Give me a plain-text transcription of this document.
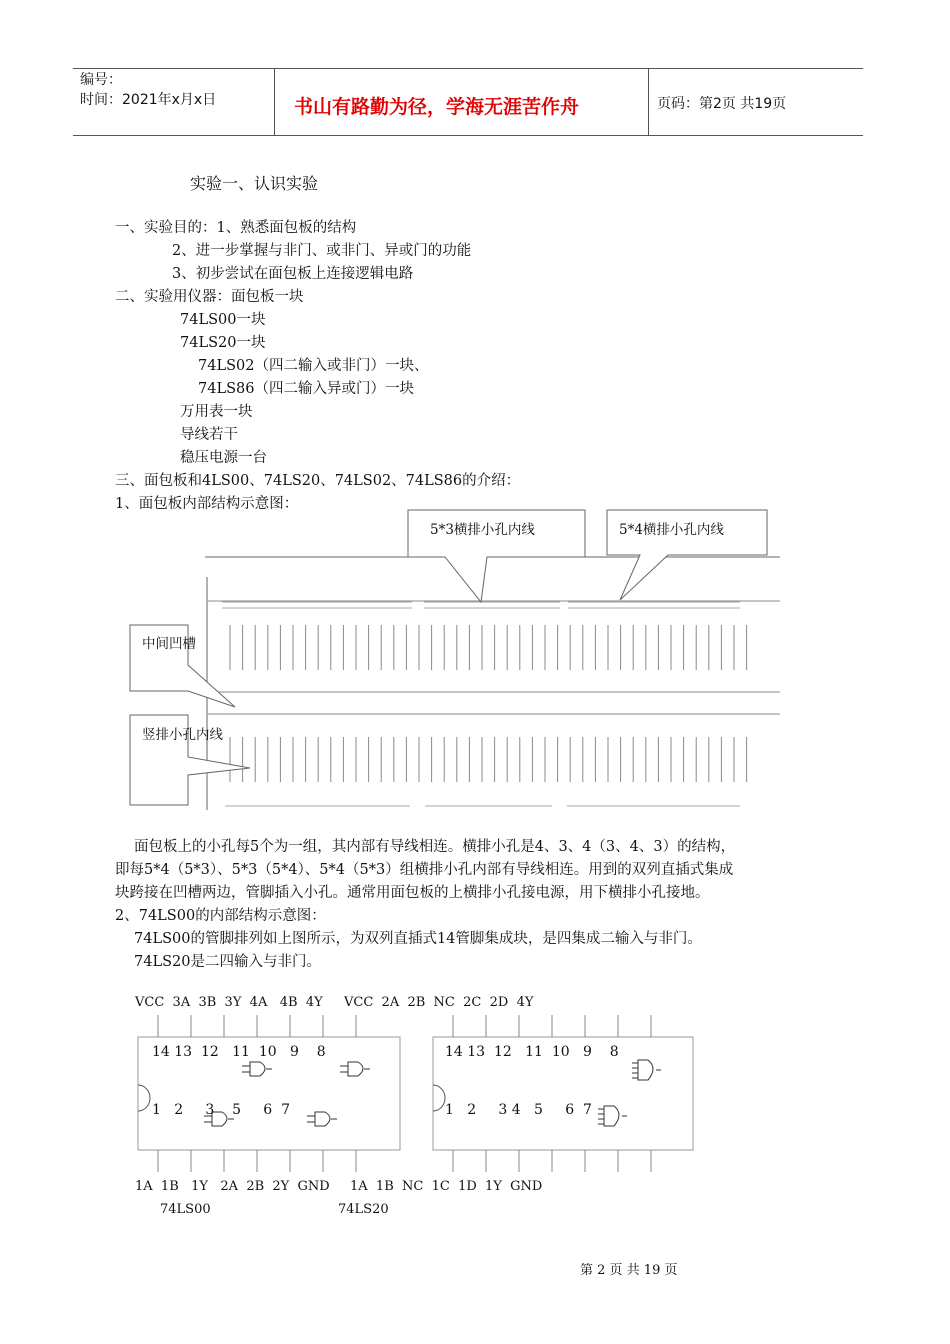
编号：
时间：2021年x月x日	书山有路勤为径，学海无涯苦作舟	页码：第2页 共19页
实验一、认识实验
一、实验目的：1、熟悉面包板的结构
2、进一步掌握与非门、或非门、异或门的功能
3、初步尝试在面包板上连接逻辑电路
二、实验用仪器：面包板一块
74LS00一块
74LS20一块
74LS02（四二输入或非门）一块、
74LS86（四二输入异或门）一块
万用表一块
导线若干
稳压电源一台
三、面包板和4LS00、74LS20、74LS02、74LS86的介绍：
1、面包板内部结构示意图：
5*3横排小孔内线	5*4横排小孔内线
中间凹槽
竖排小孔内线
面包板上的小孔每5个为一组，其内部有导线相连。横排小孔是4、3、4（3、4、3）的结构，
即每5*4（5*3）、5*3（5*4）、5*4（5*3）组横排小孔内部有导线相连。用到的双列直插式集成
块跨接在凹槽两边，管脚插入小孔。通常用面包板的上横排小孔接电源，用下横排小孔接地。
2、74LS00的内部结构示意图：
74LS00的管脚排列如上图所示，为双列直插式14管脚集成块，是四集成二输入与非门。
74LS20是二四输入与非门。
VCC  3A  3B  3Y  4A   4B  4Y
14 13  12   11  10   9    8
1   2     3    5     6  7
1A  1B   1Y   2A  2B  2Y  GND
74LS00
VCC  2A  2B  NC  2C  2D  4Y
14 13  12   11  10   9    8
1   2     3 4   5     6  7
1A  1B  NC  1C  1D  1Y  GND
74LS20
第 2 页 共 19 页
